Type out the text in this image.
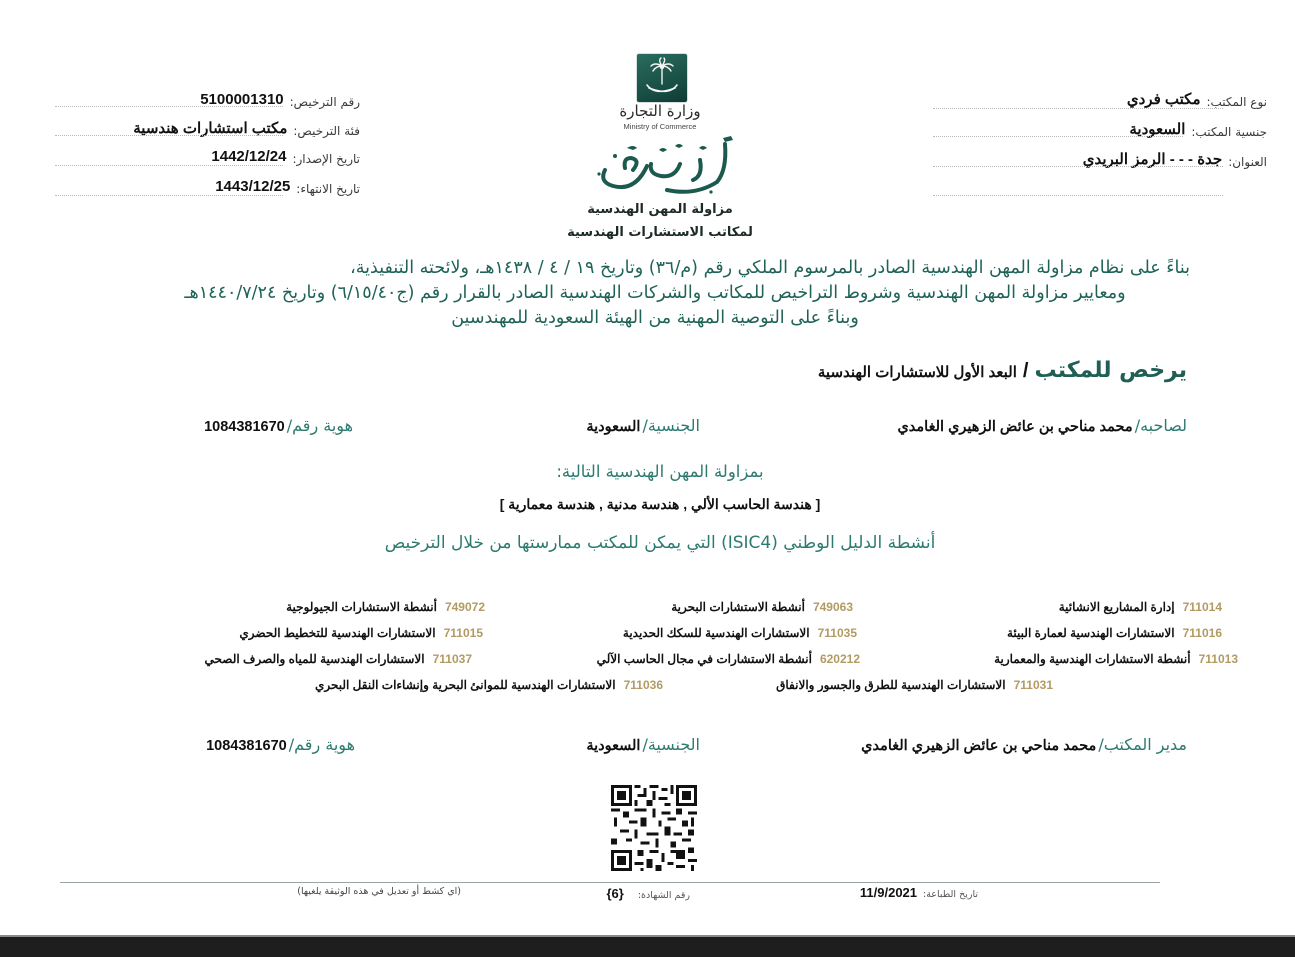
نوع المكتب:
مكتب فردي
جنسية المكتب:
السعودية
العنوان:
جدة - - - الرمز البريدي
رقم الترخيص:
5100001310
فئة الترخيص:
مكتب استشارات هندسية
تاريخ الإصدار:
1442/12/24
تاريخ الانتهاء:
1443/12/25
وزارة التجارة
Ministry of Commerce
مزاولة المهن الهندسية
لمكاتب الاستشارات الهندسية
بناءً على نظام مزاولة المهن الهندسية الصادر بالمرسوم الملكي رقم (م/٣٦) وتاريخ ١٩ / ٤ / ١٤٣٨هـ، ولائحته التنفيذية،
ومعايير مزاولة المهن الهندسية وشروط التراخيص للمكاتب والشركات الهندسية الصادر بالقرار رقم (ج٦/١٥/٤٠) وتاريخ ١٤٤٠/٧/٢٤هـ
وبناءً على التوصية المهنية من الهيئة السعودية للمهندسين
يرخص للمكتب
/
البعد الأول للاستشارات الهندسية
لصاحبه/
محمد مناحي بن عائض الزهيري الغامدي
الجنسية/
السعودية
هوية رقم/
1084381670
بمزاولة المهن الهندسية التالية:
[ هندسة الحاسب الألي , هندسة مدنية , هندسة معمارية ]
أنشطة الدليل الوطني (ISIC4) التي يمكن للمكتب ممارستها من خلال الترخيص
711014
إدارة المشاريع الانشائية
711016
الاستشارات الهندسية لعمارة البيئة
711013
أنشطة الاستشارات الهندسية والمعمارية
711031
الاستشارات الهندسية للطرق والجسور والانفاق
749063
أنشطة الاستشارات البحرية
711035
الاستشارات الهندسية للسكك الحديدية
620212
أنشطة الاستشارات في مجال الحاسب الآلي
711036
الاستشارات الهندسية للموانئ البحرية وإنشاءات النقل البحري
749072
أنشطة الاستشارات الجيولوجية
711015
الاستشارات الهندسية للتخطيط الحضري
711037
الاستشارات الهندسية للمياه والصرف الصحي
مدير المكتب/
محمد مناحي بن عائض الزهيري الغامدي
الجنسية/
السعودية
هوية رقم/
1084381670
تاريخ الطباعة:
11/9/2021
رقم الشهادة:
{6}
(اي كشط أو تعديل في هذه الوثيقة يلغيها)
